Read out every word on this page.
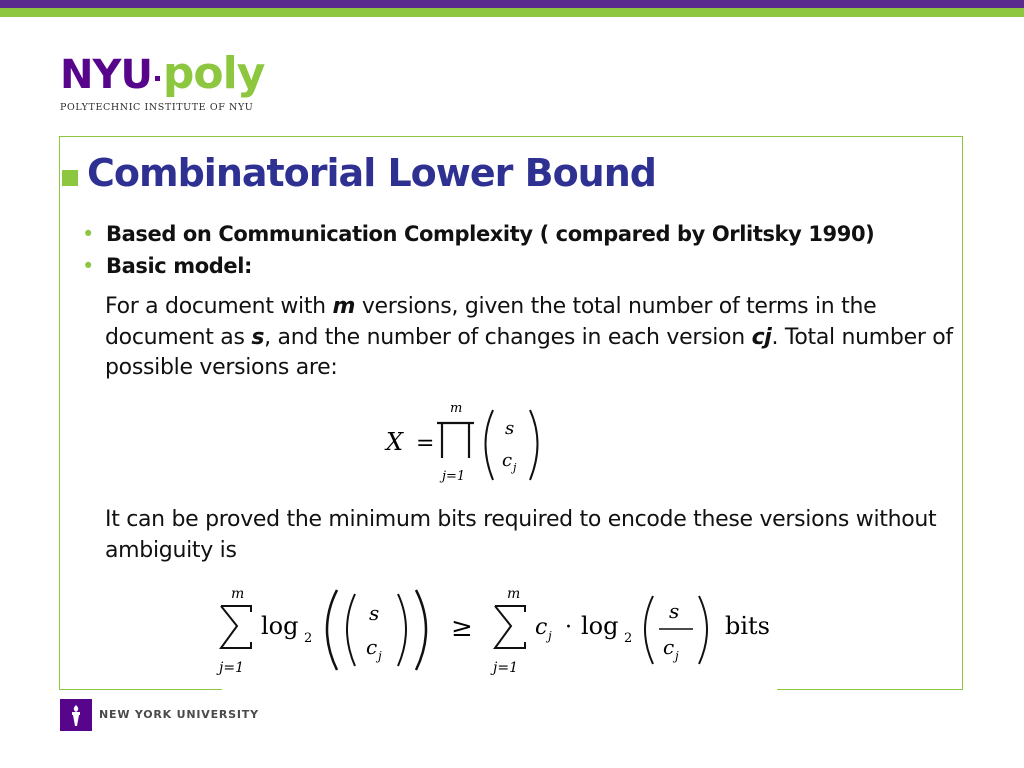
NYU poly
POLYTECHNIC INSTITUTE OF NYU
Combinatorial Lower Bound
• Based on Communication Complexity ( compared by Orlitsky 1990)
• Basic model:

For a document with m versions, given the total number of terms in the document as s, and the number of changes in each version cj. Total number of possible versions are:

X =
m
j=1
s
c j

It can be proved the minimum bits required to encode these versions without ambiguity is

m
j=1
log 2
s
c j
≥
m
j=1
c j · log 2
s
c j
bits
NEW YORK UNIVERSITY
